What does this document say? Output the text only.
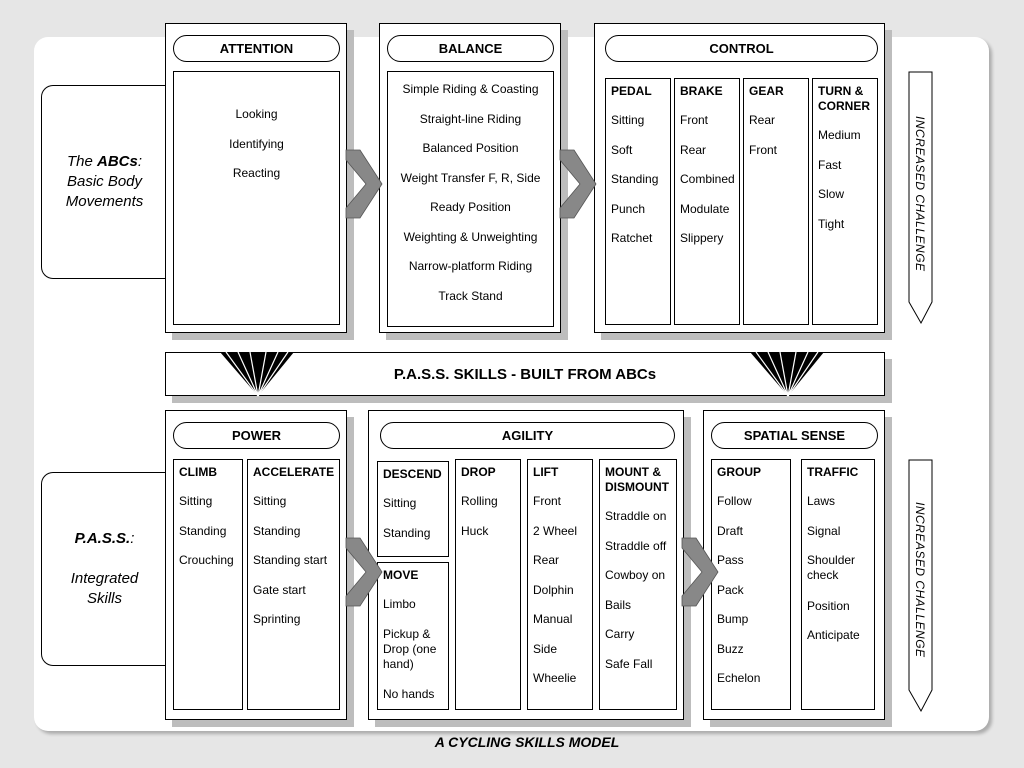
The ABCs:
Basic Body
Movements
P.A.S.S.:
Integrated
Skills
ATTENTION
Looking
Identifying
Reacting
BALANCE
Simple Riding & Coasting
Straight-line Riding
Balanced Position
Weight Transfer F, R, Side
Ready Position
Weighting & Unweighting
Narrow-platform Riding
Track Stand
CONTROL
PEDAL
Sitting
Soft
Standing
Punch
Ratchet
BRAKE
Front
Rear
Combined
Modulate
Slippery
GEAR
Rear
Front
TURN & CORNER
Medium
Fast
Slow
Tight	INCREASED CHALLENGE
P.A.S.S. SKILLS - BUILT FROM ABCs
POWER
CLIMB
Sitting
Standing
Crouching
ACCELERATE
Sitting
Standing
Standing start
Gate start
Sprinting
AGILITY
DESCEND
Sitting
Standing
MOVE
Limbo
Pickup & Drop (one hand)
No hands
DROP
Rolling
Huck
LIFT
Front
2 Wheel
Rear
Dolphin
Manual
Side
Wheelie
MOUNT & DISMOUNT
Straddle on
Straddle off
Cowboy on
Bails
Carry
Safe Fall
SPATIAL SENSE
GROUP
Follow
Draft
Pass
Pack
Bump
Buzz
Echelon
TRAFFIC
Laws
Signal
Shoulder check
Position
Anticipate	INCREASED CHALLENGE
A CYCLING SKILLS MODEL
